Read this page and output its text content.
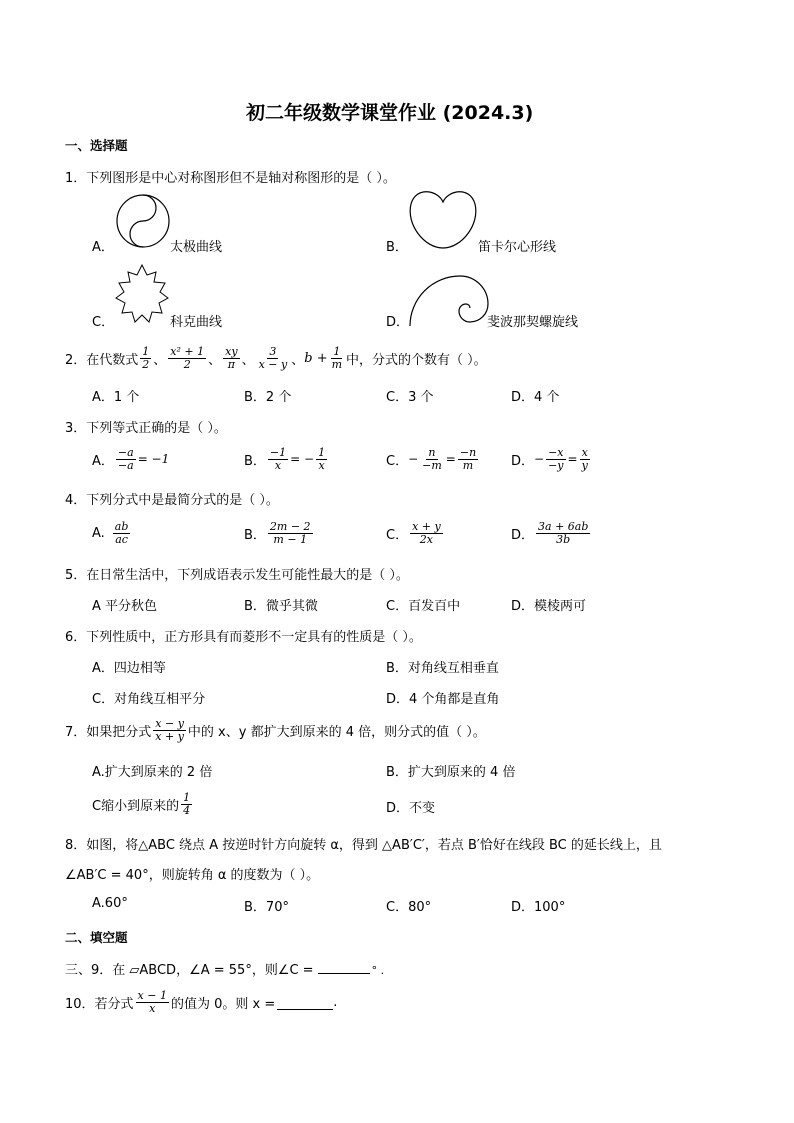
初二年级数学课堂作业 (2024.3)
一、选择题
1．下列图形是中心对称图形但不是轴对称图形的是（ ）。
A．	太极曲线	B．	笛卡尔心形线
C．	科克曲线	D．	斐波那契螺旋线
2．在代数式 $\frac{1}{2}$ 、 $\frac{\text{x² + 1}}{2}$ 、 $\frac{xy}{\pi}$ 、 $\frac{3}{x - y}$ 、 $b + \frac{1}{m}$ 中，分式的个数有（ ）。
A．1 个	B．2 个	C．3 个	D．4 个
3．下列等式正确的是（ ）。
A． $\frac{-a}{-a} = -1$	B． $\frac{-1}{x}$ = − $\frac{1}{x}$	C． − $\frac{n}{-m} = \frac{-n}{m}$	D． − $\frac{-x}{-y} = \frac{x}{y}$
4．下列分式中是最简分式的是（ ）。
A. $\frac{ab}{ac}$	B． $\frac{2m - 2}{m - 1}$	C． $\frac{x + y}{2x}$	D． $\frac{3a + 6ab}{3b}$
5．在日常生活中，下列成语表示发生可能性最大的是（ ）。
A 平分秋色	B．微乎其微	C．百发百中	D．模棱两可
6．下列性质中，正方形具有而菱形不一定具有的性质是（ ）。
A．四边相等	B．对角线互相垂直
C．对角线互相平分	D．4 个角都是直角
7．如果把分式 $\frac{x - y}{x + y}$ 中的 x、y 都扩大到原来的 4 倍，则分式的值（ ）。
A.扩大到原来的 2 倍	B．扩大到原来的 4 倍
C缩小到原来的 $\frac{1}{4}$	D．不变
8．如图，将△ABC 绕点 A 按逆时针方向旋转 α，得到 △AB′C′，若点 B′恰好在线段 BC 的延长线上，且
∠AB′C = 40°，则旋转角 α 的度数为（ ）。
A.60°	B．70°	C．80°	D．100°
二、填空题
三、9．在 ▱ABCD，∠A = 55°，则∠C =	° .
10．若分式 $\frac{x - 1}{x}$ 的值为 0。则 x =	.
